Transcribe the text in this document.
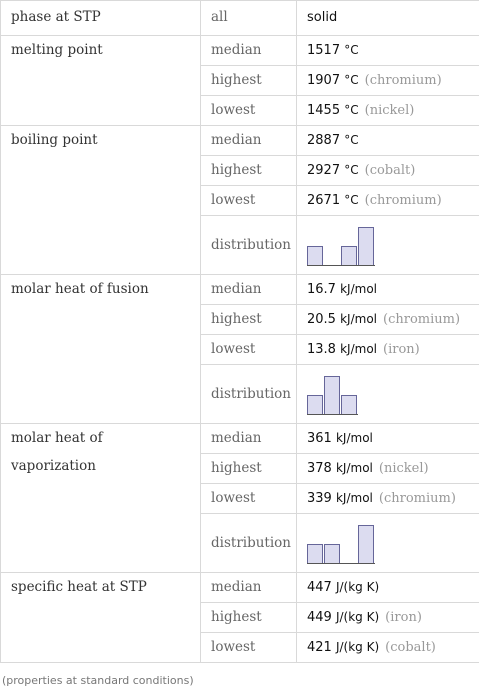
phase at STP	all	solid
melting point	median	1517 °C
	highest	1907 °C (chromium)
	lowest	1455 °C (nickel)
boiling point	median	2887 °C
	highest	2927 °C (cobalt)
	lowest	2671 °C (chromium)
	distribution	

molar heat of fusion	median	16.7 kJ/mol
	highest	20.5 kJ/mol (chromium)
	lowest	13.8 kJ/mol (iron)
	distribution	

molar heat of vaporization	median	361 kJ/mol
	highest	378 kJ/mol (nickel)
	lowest	339 kJ/mol (chromium)
	distribution	

specific heat at STP	median	447 J/(kg K)
	highest	449 J/(kg K) (iron)
	lowest	421 J/(kg K) (cobalt)
(properties at standard conditions)
